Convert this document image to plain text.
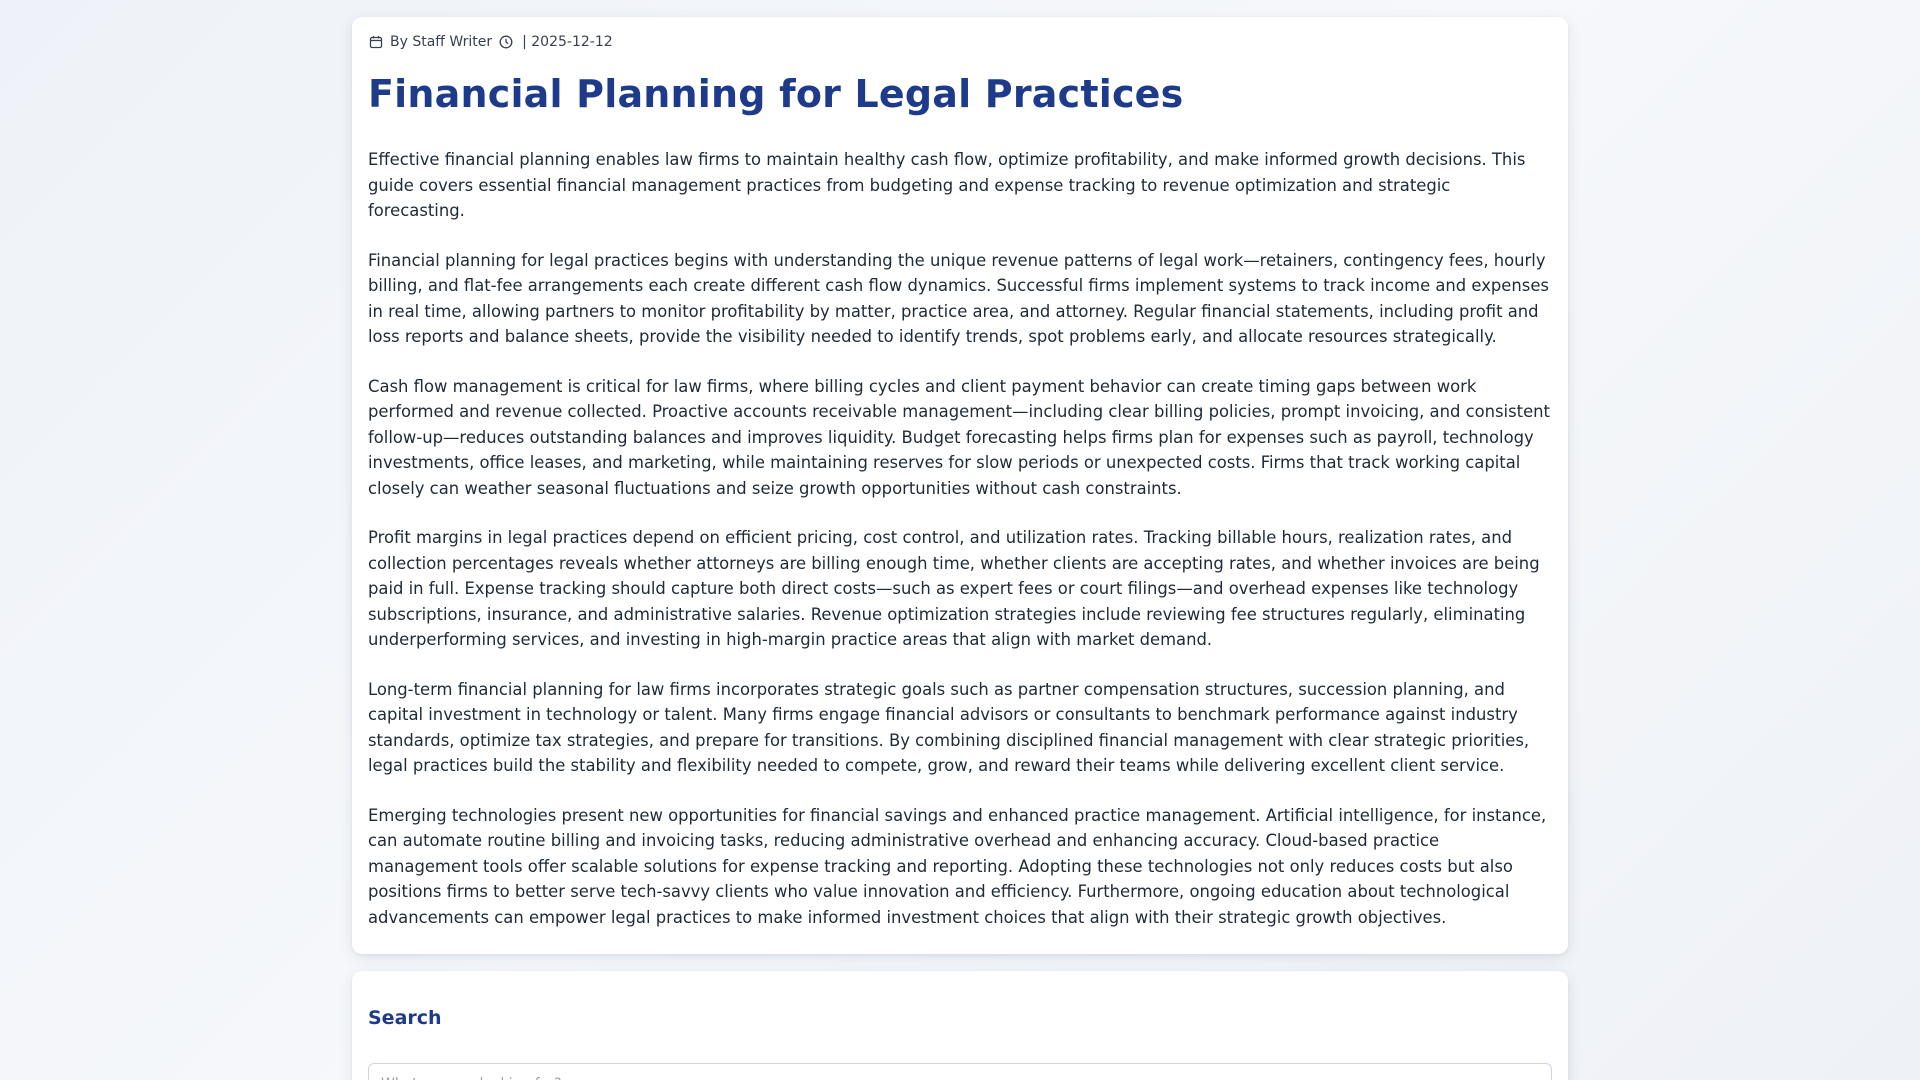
By Staff Writer | 2025-12-12
Financial Planning for Legal Practices

Effective financial planning enables law firms to maintain healthy cash flow, optimize profitability, and make informed growth decisions. This guide covers essential financial management practices from budgeting and expense tracking to revenue optimization and strategic forecasting.

Financial planning for legal practices begins with understanding the unique revenue patterns of legal work—retainers, contingency fees, hourly billing, and flat-fee arrangements each create different cash flow dynamics. Successful firms implement systems to track income and expenses in real time, allowing partners to monitor profitability by matter, practice area, and attorney. Regular financial statements, including profit and loss reports and balance sheets, provide the visibility needed to identify trends, spot problems early, and allocate resources strategically.

Cash flow management is critical for law firms, where billing cycles and client payment behavior can create timing gaps between work performed and revenue collected. Proactive accounts receivable management—including clear billing policies, prompt invoicing, and consistent follow-up—reduces outstanding balances and improves liquidity. Budget forecasting helps firms plan for expenses such as payroll, technology investments, office leases, and marketing, while maintaining reserves for slow periods or unexpected costs. Firms that track working capital closely can weather seasonal fluctuations and seize growth opportunities without cash constraints.

Profit margins in legal practices depend on efficient pricing, cost control, and utilization rates. Tracking billable hours, realization rates, and collection percentages reveals whether attorneys are billing enough time, whether clients are accepting rates, and whether invoices are being paid in full. Expense tracking should capture both direct costs—such as expert fees or court filings—and overhead expenses like technology subscriptions, insurance, and administrative salaries. Revenue optimization strategies include reviewing fee structures regularly, eliminating underperforming services, and investing in high-margin practice areas that align with market demand.

Long-term financial planning for law firms incorporates strategic goals such as partner compensation structures, succession planning, and capital investment in technology or talent. Many firms engage financial advisors or consultants to benchmark performance against industry standards, optimize tax strategies, and prepare for transitions. By combining disciplined financial management with clear strategic priorities, legal practices build the stability and flexibility needed to compete, grow, and reward their teams while delivering excellent client service.

Emerging technologies present new opportunities for financial savings and enhanced practice management. Artificial intelligence, for instance, can automate routine billing and invoicing tasks, reducing administrative overhead and enhancing accuracy. Cloud-based practice management tools offer scalable solutions for expense tracking and reporting. Adopting these technologies not only reduces costs but also positions firms to better serve tech-savvy clients who value innovation and efficiency. Furthermore, ongoing education about technological advancements can empower legal practices to make informed investment choices that align with their strategic growth objectives.

Search
What are you looking for?
